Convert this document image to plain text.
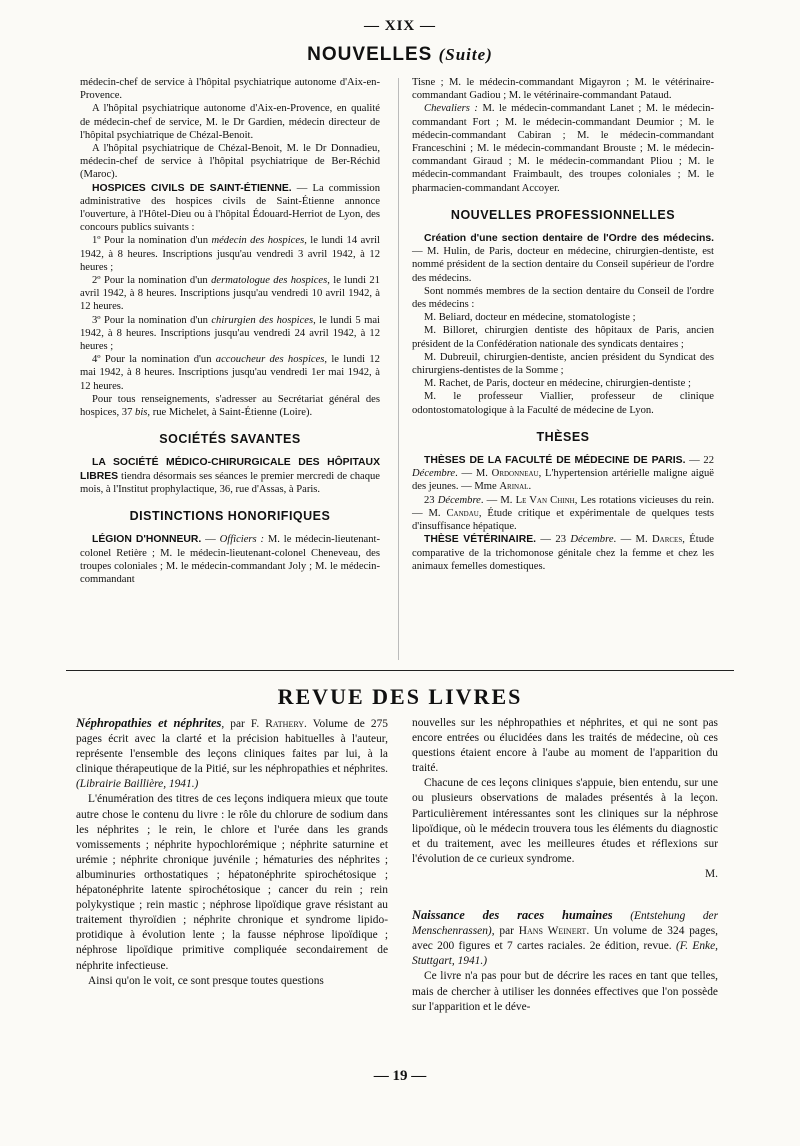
— XIX —
NOUVELLES (Suite)

médecin-chef de service à l'hôpital psychiatrique autonome d'Aix-en-Provence.

A l'hôpital psychiatrique autonome d'Aix-en-Provence, en qualité de médecin-chef de service, M. le Dr Gardien, médecin directeur de l'hôpital psychiatrique de Chézal-Benoit.

A l'hôpital psychiatrique de Chézal-Benoit, M. le Dr Donnadieu, médecin-chef de service à l'hôpital psychiatrique de Ber-Réchid (Maroc).

HOSPICES CIVILS DE SAINT-ÉTIENNE. — La commission administrative des hospices civils de Saint-Étienne annonce l'ouverture, à l'Hôtel-Dieu ou à l'hôpital Édouard-Herriot de Lyon, des concours publics suivants :

1º Pour la nomination d'un médecin des hospices, le lundi 14 avril 1942, à 8 heures. Inscriptions jusqu'au vendredi 3 avril 1942, à 12 heures ;

2º Pour la nomination d'un dermatologue des hospices, le lundi 21 avril 1942, à 8 heures. Inscriptions jusqu'au vendredi 10 avril 1942, à 12 heures.

3º Pour la nomination d'un chirurgien des hospices, le lundi 5 mai 1942, à 8 heures. Inscriptions jusqu'au vendredi 24 avril 1942, à 12 heures ;

4º Pour la nomination d'un accoucheur des hospices, le lundi 12 mai 1942, à 8 heures. Inscriptions jusqu'au vendredi 1er mai 1942, à 12 heures.

Pour tous renseignements, s'adresser au Secrétariat général des hospices, 37 bis, rue Michelet, à Saint-Étienne (Loire).

SOCIÉTÉS SAVANTES

LA SOCIÉTÉ MÉDICO-CHIRURGICALE DES HÔPITAUX LIBRES tiendra désormais ses séances le premier mercredi de chaque mois, à l'Institut prophylactique, 36, rue d'Assas, à Paris.

DISTINCTIONS HONORIFIQUES

LÉGION D'HONNEUR. — Officiers : M. le médecin-lieutenant-colonel Retière ; M. le médecin-lieutenant-colonel Cheneveau, des troupes coloniales ; M. le médecin-commandant Joly ; M. le médecin-commandant

Tisne ; M. le médecin-commandant Migayron ; M. le vétérinaire-commandant Gadiou ; M. le vétérinaire-commandant Pataud.

Chevaliers : M. le médecin-commandant Lanet ; M. le médecin-commandant Fort ; M. le médecin-commandant Deumior ; M. le médecin-commandant Cabiran ; M. le médecin-commandant Franceschini ; M. le médecin-commandant Brouste ; M. le médecin-commandant Giraud ; M. le médecin-commandant Pliou ; M. le médecin-commandant Fraimbault, des troupes coloniales ; M. le pharmacien-commandant Accoyer.

NOUVELLES PROFESSIONNELLES

Création d'une section dentaire de l'Ordre des médecins. — M. Hulin, de Paris, docteur en médecine, chirurgien-dentiste, est nommé président de la section dentaire du Conseil supérieur de l'ordre des médecins.

Sont nommés membres de la section dentaire du Conseil de l'ordre des médecins :

M. Beliard, docteur en médecine, stomatologiste ;

M. Billoret, chirurgien dentiste des hôpitaux de Paris, ancien président de la Confédération nationale des syndicats dentaires ;

M. Dubreuil, chirurgien-dentiste, ancien président du Syndicat des chirurgiens-dentistes de la Somme ;

M. Rachet, de Paris, docteur en médecine, chirurgien-dentiste ;

M. le professeur Viallier, professeur de clinique odontostomatologique à la Faculté de médecine de Lyon.

THÈSES

THÈSES DE LA FACULTÉ DE MÉDECINE DE PARIS. — 22 Décembre. — M. Ordonneau, L'hypertension artérielle maligne aiguë des jeunes. — Mme Arinal.

23 Décembre. — M. Le Van Chinh, Les rotations vicieuses du rein. — M. Candau, Étude critique et expérimentale de quelques tests d'insuffisance hépatique.

THÈSE VÉTÉRINAIRE. — 23 Décembre. — M. Darces, Étude comparative de la trichomonose génitale chez la femme et chez les animaux femelles domestiques.

REVUE DES LIVRES

Néphropathies et néphrites, par F. Rathery. Volume de 275 pages écrit avec la clarté et la précision habituelles à l'auteur, représente l'ensemble des leçons cliniques faites par lui, à la clinique thérapeutique de la Pitié, sur les néphropathies et néphrites. (Librairie Baillière, 1941.)

L'énumération des titres de ces leçons indiquera mieux que toute autre chose le contenu du livre : le rôle du chlorure de sodium dans les néphrites ; le rein, le chlore et l'urée dans les grands vomissements ; néphrite hypochlorémique ; néphrite saturnine et urémie ; néphrite chronique juvénile ; hématuries des néphrites ; albuminuries orthostatiques ; hépatonéphrite spirochétosique ; hépatonéphrite latente spirochétosique ; cancer du rein ; rein polykystique ; rein mastic ; néphrose lipoïdique grave résistant au traitement thyroïdien ; néphrite chronique et syndrome lipido-protidique à évolution lente ; la fausse néphrose lipoïdique ; néphrose lipoïdique primitive compliquée secondairement de néphrite infectieuse.

Ainsi qu'on le voit, ce sont presque toutes questions

nouvelles sur les néphropathies et néphrites, et qui ne sont pas encore entrées ou élucidées dans les traités de médecine, où ces questions étaient encore à l'aube au moment de l'apparition du traité.

Chacune de ces leçons cliniques s'appuie, bien entendu, sur une ou plusieurs observations de malades présentés à la leçon. Particulièrement intéressantes sont les cliniques sur la néphrose lipoïdique, où le médecin trouvera tous les éléments du diagnostic et du traitement, avec les meilleures études et réflexions sur l'évolution de ce curieux syndrome.

M.

Naissance des races humaines (Entstehung der Menschenrassen), par Hans Weinert. Un volume de 324 pages, avec 200 figures et 7 cartes raciales. 2e édition, revue. (F. Enke, Stuttgart, 1941.)

Ce livre n'a pas pour but de décrire les races en tant que telles, mais de chercher à utiliser les données effectives que l'on possède sur l'apparition et le déve-

— 19 —
